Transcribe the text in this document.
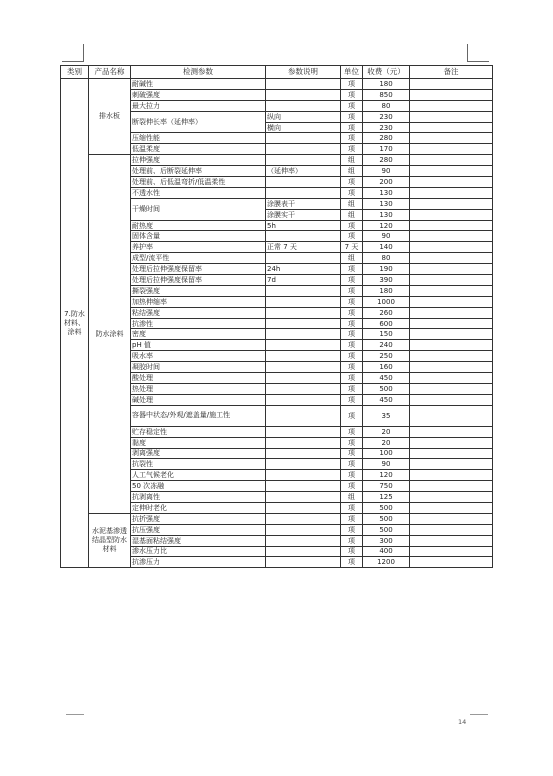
类别	产品名称	检测参数	参数说明	单位	收费（元）	备注
7.防水材料、涂料	排水板	耐碱性		项	180	
		刺破强度		项	850	
		最大拉力		项	80	
		断裂伸长率（延伸率）	纵向	项	230	
			横向	项	230	
		压缩性能		项	280	
		低温柔度		项	170	
	防水涂料	拉伸强度		组	280	
		处理前、后断裂延伸率	（延伸率）	组	90	
		处理前、后低温弯折/低温柔性		项	200	
		不透水性		项	130	
		干燥时间	涂膜表干	组	130	
			涂膜实干	组	130	
		耐热度	5h	项	120	
		固体含量		项	90	
		养护率	正常 7 天	7 天	140	
		成型/流平性		组	80	
		处理后拉伸强度保留率	24h	项	190	
		处理后拉伸强度保留率	7d	项	390	
		撕裂强度		项	180	
		加热伸缩率		项	1000	
		粘结强度		项	260	
		抗渗性		项	600	
		密度		项	150	
		pH 值		项	240	
		吸水率		项	250	
		凝胶时间		项	160	
		酸处理		项	450	
		热处理		项	500	
		碱处理		项	450	
		容器中状态/外观/遮盖量/施工性		项	35	
		贮存稳定性		项	20	
		黏度		项	20	
		剥离强度		项	100	
		抗裂性		项	90	
		人工气候老化		项	120	
		50 次冻融		项	750	
		抗剥离性		组	125	
		定伸时老化		项	500	
	水泥基渗透结晶型防水材料	抗折强度		项	500	
		抗压强度		项	500	
		湿基面粘结强度		项	300	
		渗水压力比		项	400	
		抗渗压力		项	1200	
14
